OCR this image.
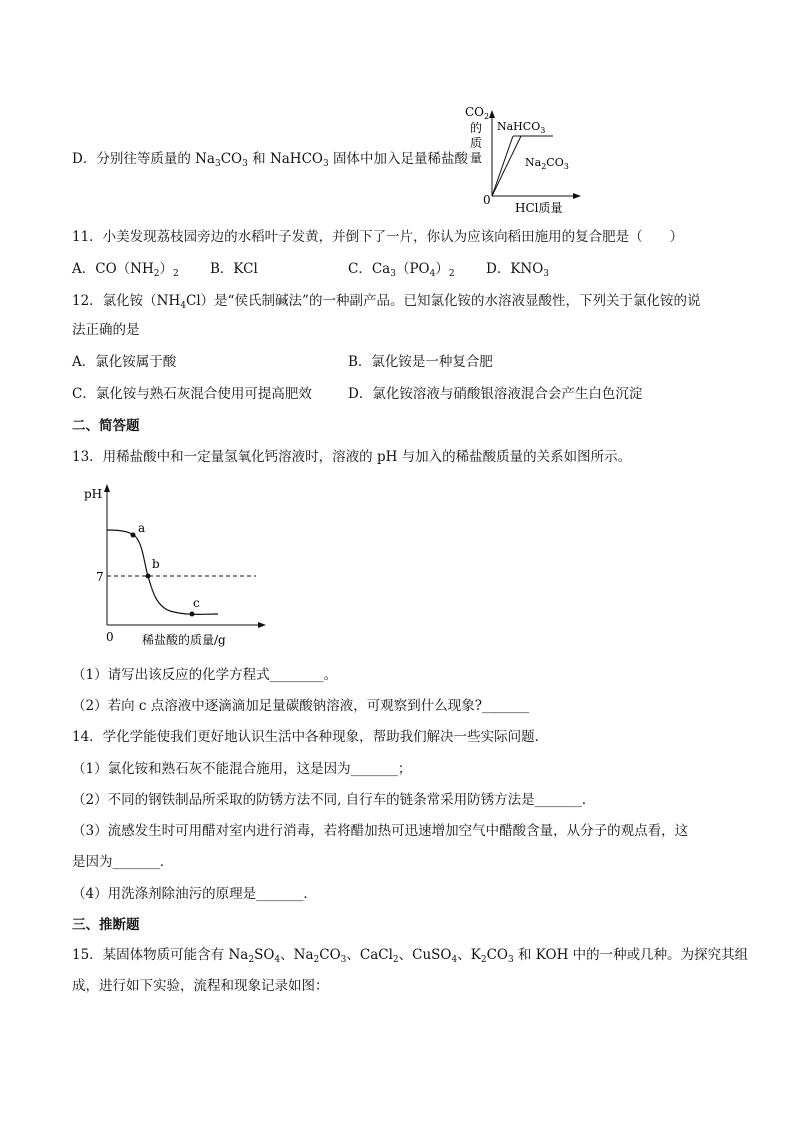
D．分别往等质量的 $Na_3CO_3$ 和 NaHCO$_3$ 固体中加入足量稀盐酸
$CO_2$
的
质
量
0
HCl质量
NaHCO$_3$
$Na_2CO_3$
11．小美发现荔枝园旁边的水稻叶子发黄，并倒下了一片，你认为应该向稻田施用的复合肥是（　　）
A．$CO(NH_2)_2$ B．KCl	C．$Ca_3(PO_4)_2$ D．$KNO_3$
12．氯化铵$(NH_4Cl)$是“侯氏制碱法”的一种副产品。已知氯化铵的水溶液显酸性，下列关于氯化铵的说
法正确的是
A．氯化铵属于酸	B．氯化铵是一种复合肥
C．氯化铵与熟石灰混合使用可提高肥效	D．氯化铵溶液与硝酸银溶液混合会产生白色沉淀
二、简答题
13．用稀盐酸中和一定量氢氧化钙溶液时，溶液的 pH 与加入的稀盐酸质量的关系如图所示。
pH
0 稀盐酸的质量/g
7
a
b
c
（1）请写出该反应的化学方程式________。
（2）若向 c 点溶液中逐滴滴加足量碳酸钠溶液，可观察到什么现象?_______
14．学化学能使我们更好地认识生活中各种现象，帮助我们解决一些实际问题．
（1）氯化铵和熟石灰不能混合施用，这是因为_______；
（2）不同的钢铁制品所采取的防锈方法不同, 自行车的链条常采用防锈方法是_______．
（3）流感发生时可用醋对室内进行消毒，若将醋加热可迅速增加空气中醋酸含量，从分子的观点看，这
是因为_______．
（4）用洗涤剂除油污的原理是_______．
三、推断题
15．某固体物质可能含有 $Na_2SO_4$、$Na_2CO_3$、CaCl$_2$、CuSO$_4$、$K_2CO_3$ 和 KOH 中的一种或几种。为探究其组
成，进行如下实验，流程和现象记录如图：
